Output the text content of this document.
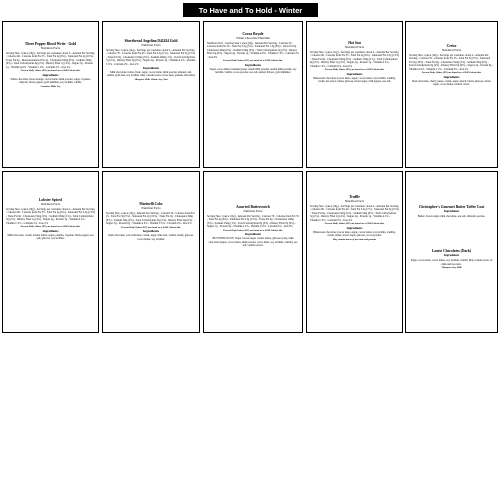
To Have and To Hold - Winter
Three Pepper Blood Write - Gold
Nutrition Facts
Serving Size 1 piece (10g) - Servings per container: about 4 - Amount Per Serving - Calories 60 - Calories from Fat 35 - Total Fat 4g (6%) - Saturated Fat 2g (10%) - Trans Fat 0g - Monounsaturated Fat 1g - Cholesterol 0mg (0%) - Sodium 10mg (0%) - Total Carbohydrate 6g (2%) - Dietary Fiber 1g (4%) - Sugars 5g - Protein 1g - Vitamin A 0% - Vitamin C 0% - Calcium 2% - Iron 4%
Percent Daily Values (DV) are based on a 2,000 Calorie diet.
Ingredients
White chocolate, blood orange, cocoa butter, milk powder, sugar, cayenne, chipotle, black pepper, gold shimmer, soy lecithin, vanilla.
Contains: Milk, Soy
Shortbread Angelina D42424 Gold
Nutrition Facts
Serving Size 1 piece (12g) - Servings per container: about 4 - Amount Per Serving - Calories 70 - Calories from Fat 40 - Total Fat 4.5g (7%) - Saturated Fat 3g (15%) - Trans Fat 0g - Cholesterol 10mg (3%) - Sodium 20mg (1%) - Total Carbohydrate 7g (2%) - Dietary Fiber 0g (0%) - Sugars 4g - Protein 1g - Vitamin A 2% - Vitamin C 0% - Calcium 2% - Iron 2%
Ingredients
Milk chocolate, butter, flour, sugar, cocoa butter, milk powder, almond, salt, vanilla, gold dust, soy lecithin. May contain traces of tree nuts, peanuts and wheat.
Allergens: Milk, Wheat, Soy, Nuts
Cocoa Royale
White Chocolate Hazelnut
Nutrition Facts - Serving Size 1 piece (9g) - Amount Per Serving - Calories 50 - Calories from Fat 30 - Total Fat 3.5g (5%) - Saturated Fat 1.5g (8%) - Trans Fat 0g - Cholesterol 0mg (0%) - Sodium 10mg (0%) - Total Carbohydrate 5g (2%) - Dietary Fiber 0g (0%) - Sugars 4g - Protein 1g - Vitamin A 0% - Vitamin C 0% - Calcium 2% - Iron 0%
Percent Daily Values (DV) are based on a 2,000 Calorie diet.
Ingredients
Sugar, cocoa butter, hazelnut paste, whole milk powder, nonfat milk powder, soy lecithin, vanilla, cocoa powder, sea salt, natural flavors, gold shimmer.
Hot Sau
Nutrition Facts
Serving Size 1 piece (11g) - Servings per container: about 4 - Amount Per Serving - Calories 60 - Calories from Fat 35 - Total Fat 4g (6%) - Saturated Fat 2.5g (13%) - Trans Fat 0g - Cholesterol 0mg (0%) - Sodium 15mg (1%) - Total Carbohydrate 6g (2%) - Dietary Fiber 1g (4%) - Sugars 4g - Protein 1g - Vitamin A 2% - Vitamin C 0% - Calcium 0% - Iron 6%
Percent Daily Values (DV) are based on a 2,000 Calorie diet.
Ingredients
Bittersweet chocolate (cocoa mass, sugar, cocoa butter, soy lecithin, vanilla), cream, hot sauce, butter, glucose, invert sugar, chili pepper, sea salt.
Cerise
Nutrition Facts
Serving Size 1 piece (10g) - Servings per container: about 4 - Amount Per Serving - Calories 50 - Calories from Fat 25 - Total Fat 3g (5%) - Saturated Fat 2g (10%) - Trans Fat 0g - Cholesterol 5mg (2%) - Sodium 5mg (0%) - Total Carbohydrate 6g (2%) - Dietary Fiber 0g (0%) - Sugars 5g - Protein 0g - Vitamin A 0% - Vitamin C 2% - Calcium 0% - Iron 2%
Percent Daily Values (DV) are based on a 2,000 Calorie diet.
Ingredients
Dark chocolate, cherry puree, cream, sugar, kirsch, butter, glucose, invert sugar, cocoa butter, natural colors.
Lobster Spiced
Nutrition Facts
Serving Size 1 piece (10g) - Servings per container: about 4 - Amount Per Serving - Calories 60 - Calories from Fat 35 - Total Fat 4g (6%) - Saturated Fat 2.5g (13%) - Trans Fat 0g - Cholesterol 5mg (2%) - Sodium 20mg (1%) - Total Carbohydrate 5g (2%) - Dietary Fiber 1g (4%) - Sugars 4g - Protein 1g - Vitamin A 2% - Vitamin C 0% - Calcium 2% - Iron 2%
Percent Daily Values (DV) are based on a 2,000 Calorie diet.
Ingredients
Milk chocolate, cream, lobster butter, sugar, paprika, cayenne, black pepper, sea salt, glucose, soy lecithin.
Marinelli Coke
Nutrition Facts
Serving Size 1 piece (10g) - Amount Per Serving - Calories 50 - Calories from Fat 25 - Total Fat 3g (5%) - Saturated Fat 2g (10%) - Trans Fat 0g - Cholesterol 0mg (0%) - Sodium 5mg (0%) - Total Carbohydrate 6g (2%) - Dietary Fiber 0g (0%) - Sugars 5g - Protein 0g - Vitamin A 0% - Vitamin C 0% - Calcium 0% - Iron 2%
Percent Daily Values (DV) are based on a 2,000 Calorie diet.
Ingredients
Dark chocolate, cola reduction, cream, sugar, lime zest, vanilla, butter, glucose, cocoa butter, soy lecithin.
Assorted Butterscotch
Nutrition Facts
Serving Size 1 piece (12g) - Amount Per Serving - Calories 70 - Calories from Fat 35 - Total Fat 4g (6%) - Saturated Fat 2.5g (13%) - Trans Fat 0g - Cholesterol 10mg (3%) - Sodium 25mg (1%) - Total Carbohydrate 8g (3%) - Dietary Fiber 0g (0%) - Sugars 7g - Protein 0g - Vitamin A 2% - Vitamin C 0% - Calcium 2% - Iron 0%
Percent Daily Values (DV) are based on a 2,000 Calorie diet.
Ingredients
BUTTERSCOTCH: Sugar, brown sugar, cream, butter, glucose syrup, milk chocolate (sugar, cocoa butter, milk powder, cocoa mass, soy lecithin, vanilla), sea salt, vanilla extract.
Truffle
Nutrition Facts
Serving Size 1 piece (10g) - Servings per container: about 4 - Amount Per Serving - Calories 60 - Calories from Fat 40 - Total Fat 4.5g (7%) - Saturated Fat 3g (15%) - Trans Fat 0g - Cholesterol 5mg (2%) - Sodium 5mg (0%) - Total Carbohydrate 5g (2%) - Dietary Fiber 1g (4%) - Sugars 4g - Protein 1g - Vitamin A 2% - Vitamin C 0% - Calcium 0% - Iron 4%
Percent Daily Values (DV) are based on a 2,000 Calorie diet.
Ingredients
Bittersweet chocolate (cocoa mass, sugar, cocoa butter, soy lecithin, vanilla), cream, butter, invert sugar, glucose, cocoa powder.
May contain traces of tree nuts and peanuts
Christopher's Gourmet Butter Toffee Coat
Ingredients
Butter, brown sugar, milk chocolate, sea salt, almonds, pecans.
Louise Chocolates (Dark)
Ingredients
Sugar, cocoa mass, cocoa butter, soy lecithin, vanilla. May contain traces of milk and tree nuts.
Allergens: Soy, Milk
